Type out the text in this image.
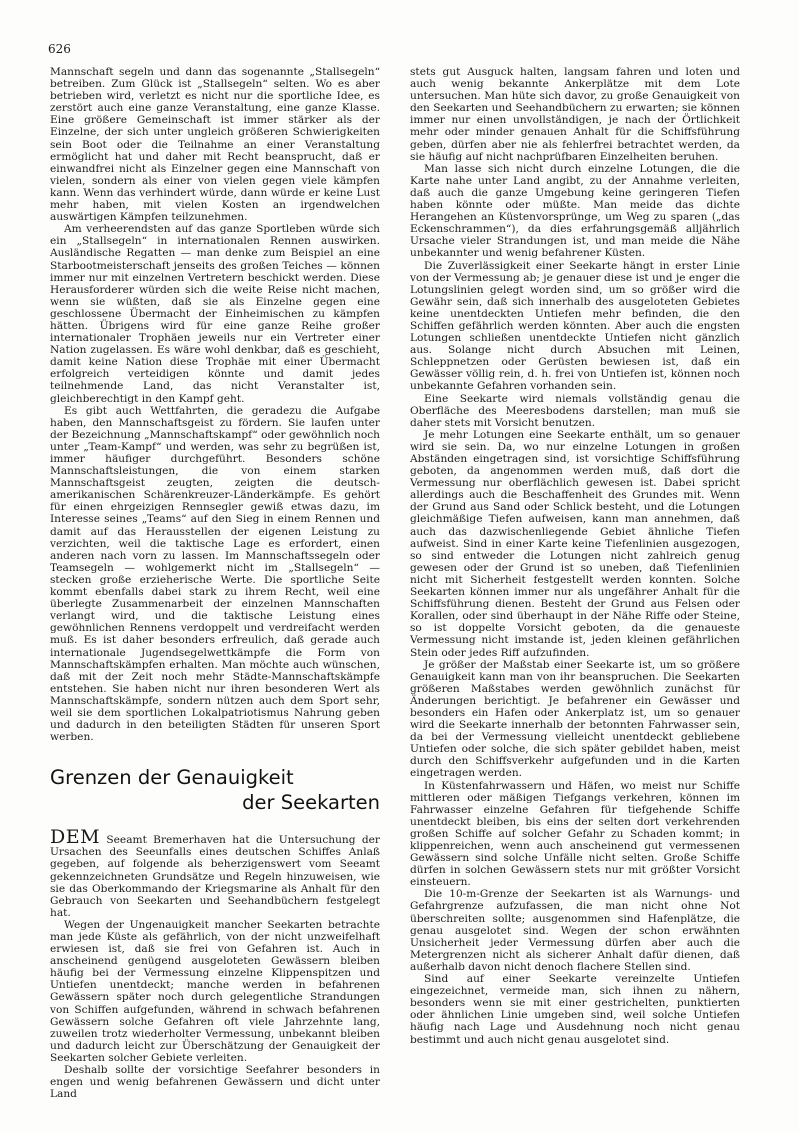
626

Mannschaft segeln und dann das sogenannte „Stallsegeln“ betreiben. Zum Glück ist „Stallsegeln“ selten. Wo es aber betrieben wird, verletzt es nicht nur die sportliche Idee, es zerstört auch eine ganze Veranstaltung, eine ganze Klasse. Eine größere Gemeinschaft ist immer stärker als der Einzelne, der sich unter ungleich größeren Schwierigkeiten sein Boot oder die Teilnahme an einer Veranstaltung ermöglicht hat und daher mit Recht beansprucht, daß er einwandfrei nicht als Einzelner gegen eine Mannschaft von vielen, sondern als einer von vielen gegen viele kämpfen kann. Wenn das verhindert würde, dann würde er keine Lust mehr haben, mit vielen Kosten an irgendwelchen auswärtigen Kämpfen teilzunehmen.

Am verheerendsten auf das ganze Sportleben würde sich ein „Stallsegeln“ in internationalen Rennen auswirken. Ausländische Regatten — man denke zum Beispiel an eine Starbootmeisterschaft jenseits des großen Teiches — können immer nur mit einzelnen Vertretern beschickt werden. Diese Herausforderer würden sich die weite Reise nicht machen, wenn sie wüßten, daß sie als Einzelne gegen eine geschlossene Übermacht der Einheimischen zu kämpfen hätten. Übrigens wird für eine ganze Reihe großer internationaler Trophäen jeweils nur ein Vertreter einer Nation zugelassen. Es wäre wohl denkbar, daß es geschieht, damit keine Nation diese Trophäe mit einer Übermacht erfolgreich verteidigen könnte und damit jedes teilnehmende Land, das nicht Veranstalter ist, gleichberechtigt in den Kampf geht.

Es gibt auch Wettfahrten, die geradezu die Aufgabe haben, den Mannschaftsgeist zu fördern. Sie laufen unter der Bezeichnung „Mannschaftskampf“ oder gewöhnlich noch unter „Team-Kampf“ und werden, was sehr zu begrüßen ist, immer häufiger durchgeführt. Besonders schöne Mannschaftsleistungen, die von einem starken Mannschaftsgeist zeugten, zeigten die deutsch-amerikanischen Schärenkreuzer-Länderkämpfe. Es gehört für einen ehrgeizigen Rennsegler gewiß etwas dazu, im Interesse seines „Teams“ auf den Sieg in einem Rennen und damit auf das Herausstellen der eigenen Leistung zu verzichten, weil die taktische Lage es erfordert, einen anderen nach vorn zu lassen. Im Mannschaftssegeln oder Teamsegeln — wohlgemerkt nicht im „Stallsegeln“ — stecken große erzieherische Werte. Die sportliche Seite kommt ebenfalls dabei stark zu ihrem Recht, weil eine überlegte Zusammenarbeit der einzelnen Mannschaften verlangt wird, und die taktische Leistung eines gewöhnlichen Rennens verdoppelt und verdreifacht werden muß. Es ist daher besonders erfreulich, daß gerade auch internationale Jugendsegelwettkämpfe die Form von Mannschaftskämpfen erhalten. Man möchte auch wünschen, daß mit der Zeit noch mehr Städte-Mannschaftskämpfe entstehen. Sie haben nicht nur ihren besonderen Wert als Mannschaftskämpfe, sondern nützen auch dem Sport sehr, weil sie dem sportlichen Lokalpatriotismus Nahrung geben und dadurch in den beteiligten Städten für unseren Sport werben.

Grenzen der Genauigkeit
der Seekarten

DEM Seeamt Bremerhaven hat die Untersuchung der Ursachen des Seeunfalls eines deutschen Schiffes Anlaß gegeben, auf folgende als beherzigenswert vom Seeamt gekennzeichneten Grundsätze und Regeln hinzuweisen, wie sie das Oberkommando der Kriegsmarine als Anhalt für den Gebrauch von Seekarten und Seehandbüchern festgelegt hat.

Wegen der Ungenauigkeit mancher Seekarten betrachte man jede Küste als gefährlich, von der nicht unzweifelhaft erwiesen ist, daß sie frei von Gefahren ist. Auch in anscheinend genügend ausgeloteten Gewässern bleiben häufig bei der Vermessung einzelne Klippenspitzen und Untiefen unentdeckt; manche werden in befahrenen Gewässern später noch durch gelegentliche Strandungen von Schiffen aufgefunden, während in schwach befahrenen Gewässern solche Gefahren oft viele Jahrzehnte lang, zuweilen trotz wiederholter Vermessung, unbekannt bleiben und dadurch leicht zur Überschätzung der Genauigkeit der Seekarten solcher Gebiete verleiten.

Deshalb sollte der vorsichtige Seefahrer besonders in engen und wenig befahrenen Gewässern und dicht unter Land

stets gut Ausguck halten, langsam fahren und loten und auch wenig bekannte Ankerplätze mit dem Lote untersuchen. Man hüte sich davor, zu große Genauigkeit von den Seekarten und Seehandbüchern zu erwarten; sie können immer nur einen unvollständigen, je nach der Örtlichkeit mehr oder minder genauen Anhalt für die Schiffsführung geben, dürfen aber nie als fehlerfrei betrachtet werden, da sie häufig auf nicht nachprüfbaren Einzelheiten beruhen.

Man lasse sich nicht durch einzelne Lotungen, die die Karte nahe unter Land angibt, zu der Annahme verleiten, daß auch die ganze Umgebung keine geringeren Tiefen haben könnte oder müßte. Man meide das dichte Herangehen an Küstenvorsprünge, um Weg zu sparen („das Eckenschrammen“), da dies erfahrungsgemäß alljährlich Ursache vieler Strandungen ist, und man meide die Nähe unbekannter und wenig befahrener Küsten.

Die Zuverlässigkeit einer Seekarte hängt in erster Linie von der Vermessung ab; je genauer diese ist und je enger die Lotungslinien gelegt worden sind, um so größer wird die Gewähr sein, daß sich innerhalb des ausgeloteten Gebietes keine unentdeckten Untiefen mehr befinden, die den Schiffen gefährlich werden könnten. Aber auch die engsten Lotungen schließen unentdeckte Untiefen nicht gänzlich aus. Solange nicht durch Absuchen mit Leinen, Schleppnetzen oder Gerüsten bewiesen ist, daß ein Gewässer völlig rein, d. h. frei von Untiefen ist, können noch unbekannte Gefahren vorhanden sein.

Eine Seekarte wird niemals vollständig genau die Oberfläche des Meeresbodens darstellen; man muß sie daher stets mit Vorsicht benutzen.

Je mehr Lotungen eine Seekarte enthält, um so genauer wird sie sein. Da, wo nur einzelne Lotungen in großen Abständen eingetragen sind, ist vorsichtige Schiffsführung geboten, da angenommen werden muß, daß dort die Vermessung nur oberflächlich gewesen ist. Dabei spricht allerdings auch die Beschaffenheit des Grundes mit. Wenn der Grund aus Sand oder Schlick besteht, und die Lotungen gleichmäßige Tiefen aufweisen, kann man annehmen, daß auch das dazwischenliegende Gebiet ähnliche Tiefen aufweist. Sind in einer Karte keine Tiefenlinien ausgezogen, so sind entweder die Lotungen nicht zahlreich genug gewesen oder der Grund ist so uneben, daß Tiefenlinien nicht mit Sicherheit festgestellt werden konnten. Solche Seekarten können immer nur als ungefährer Anhalt für die Schiffsführung dienen. Besteht der Grund aus Felsen oder Korallen, oder sind überhaupt in der Nähe Riffe oder Steine, so ist doppelte Vorsicht geboten, da die genaueste Vermessung nicht imstande ist, jeden kleinen gefährlichen Stein oder jedes Riff aufzufinden.

Je größer der Maßstab einer Seekarte ist, um so größere Genauigkeit kann man von ihr beanspruchen. Die Seekarten größeren Maßstabes werden gewöhnlich zunächst für Änderungen berichtigt. Je befahrener ein Gewässer und besonders ein Hafen oder Ankerplatz ist, um so genauer wird die Seekarte innerhalb der betonnten Fahrwasser sein, da bei der Vermessung vielleicht unentdeckt gebliebene Untiefen oder solche, die sich später gebildet haben, meist durch den Schiffsverkehr aufgefunden und in die Karten eingetragen werden.

In Küstenfahrwassern und Häfen, wo meist nur Schiffe mittleren oder mäßigen Tiefgangs verkehren, können im Fahrwasser einzelne Gefahren für tiefgehende Schiffe unentdeckt bleiben, bis eins der selten dort verkehrenden großen Schiffe auf solcher Gefahr zu Schaden kommt; in klippenreichen, wenn auch anscheinend gut vermessenen Gewässern sind solche Unfälle nicht selten. Große Schiffe dürfen in solchen Gewässern stets nur mit größter Vorsicht einsteuern.

Die 10-m-Grenze der Seekarten ist als Warnungs- und Gefahrgrenze aufzufassen, die man nicht ohne Not überschreiten sollte; ausgenommen sind Hafenplätze, die genau ausgelotet sind. Wegen der schon erwähnten Unsicherheit jeder Vermessung dürfen aber auch die Metergrenzen nicht als sicherer Anhalt dafür dienen, daß außerhalb davon nicht denoch flachere Stellen sind.

Sind auf einer Seekarte vereinzelte Untiefen eingezeichnet, vermeide man, sich ihnen zu nähern, besonders wenn sie mit einer gestrichelten, punktierten oder ähnlichen Linie umgeben sind, weil solche Untiefen häufig nach Lage und Ausdehnung noch nicht genau bestimmt und auch nicht genau ausgelotet sind.
